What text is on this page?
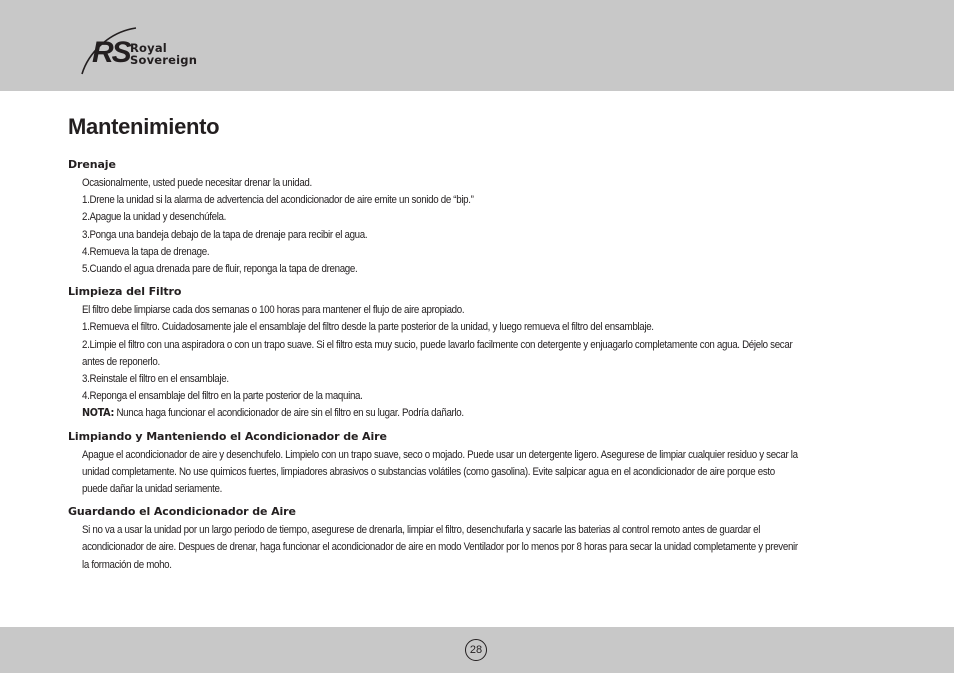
RS Royal
Sovereign
Mantenimiento
Drenaje
Ocasionalmente, usted puede necesitar drenar la unidad.
1.Drene la unidad si la alarma de advertencia del acondicionador de aire emite un sonido de “bip.”
2.Apague la unidad y desenchúfela.
3.Ponga una bandeja debajo de la tapa de drenaje para recibir el agua.
4.Remueva la tapa de drenage.
5.Cuando el agua drenada pare de fluir, reponga la tapa de drenage.
Limpieza del Filtro
El filtro debe limpiarse cada dos semanas o 100 horas para mantener el flujo de aire apropiado.
1.Remueva el filtro. Cuidadosamente jale el ensamblaje del filtro desde la parte posterior de la unidad, y luego remueva el filtro del ensamblaje.
2.Limpie el filtro con una aspiradora o con un trapo suave. Si el filtro esta muy sucio, puede lavarlo facilmente con detergente y enjuagarlo completamente con agua. Déjelo secar
antes de reponerlo.
3.Reinstale el filtro en el ensamblaje.
4.Reponga el ensamblaje del filtro en la parte posterior de la maquina.
NOTA: Nunca haga funcionar el acondicionador de aire sin el filtro en su lugar. Podría dañarlo.
Limpiando y Manteniendo el Acondicionador de Aire
Apague el acondicionador de aire y desenchufelo. Limpielo con un trapo suave, seco o mojado. Puede usar un detergente ligero. Asegurese de limpiar cualquier residuo y secar la
unidad completamente. No use quimicos fuertes, limpiadores abrasivos o substancias volátiles (como gasolina). Evite salpicar agua en el acondicionador de aire porque esto
puede dañar la unidad seriamente.
Guardando el Acondicionador de Aire
Si no va a usar la unidad por un largo periodo de tiempo, asegurese de drenarla, limpiar el filtro, desenchufarla y sacarle las baterias al control remoto antes de guardar el
acondicionador de aire. Despues de drenar, haga funcionar el acondicionador de aire en modo Ventilador por lo menos por 8 horas para secar la unidad completamente y prevenir
la formación de moho.
28
